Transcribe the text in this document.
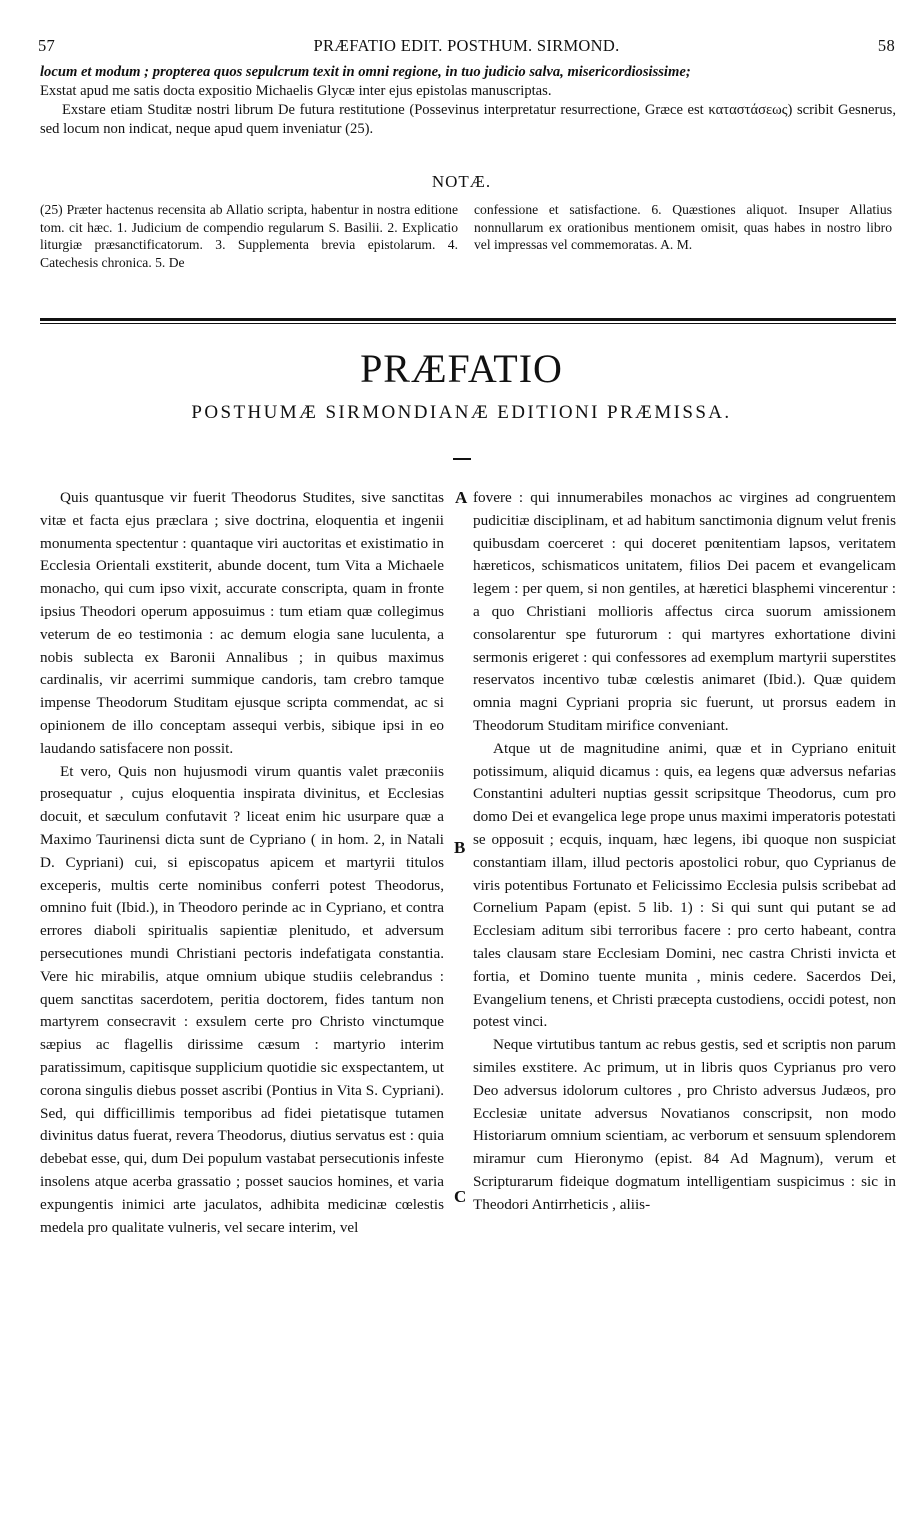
57	PRÆFATIO EDIT. POSTHUM. SIRMOND.	58

locum et modum ; propterea quos sepulcrum texit in omni regione, in tuo judicio salva, misericordiosissime;

Exstat apud me satis docta expositio Michaelis Glycæ inter ejus epistolas manuscriptas.

Exstare etiam Studitæ nostri librum De futura restitutione (Possevinus interpretatur resurrectione, Græce est καταστάσεως) scribit Gesnerus, sed locum non indicat, neque apud quem inveniatur (25).

NOTÆ.

(25) Præter hactenus recensita ab Allatio scripta, habentur in nostra editione tom. cit hæc. 1. Judicium de compendio regularum S. Basilii. 2. Explicatio liturgiæ præsanctificatorum. 3. Supplementa brevia epistolarum. 4. Catechesis chronica. 5. De

confessione et satisfactione. 6. Quæstiones aliquot. Insuper Allatius nonnullarum ex orationibus mentionem omisit, quas habes in nostro libro vel impressas vel commemoratas. A. M.

PRÆFATIO
POSTHUMÆ SIRMONDIANÆ EDITIONI PRÆMISSA.

Quis quantusque vir fuerit Theodorus Studites, sive sanctitas vitæ et facta ejus præclara ; sive doctrina, eloquentia et ingenii monumenta spectentur : quantaque viri auctoritas et existimatio in Ecclesia Orientali exstiterit, abunde docent, tum Vita a Michaele monacho, qui cum ipso vixit, accurate conscripta, quam in fronte ipsius Theodori operum apposuimus : tum etiam quæ collegimus veterum de eo testimonia : ac demum elogia sane luculenta, a nobis sublecta ex Baronii Annalibus ; in quibus maximus cardinalis, vir acerrimi summique candoris, tam crebro tamque impense Theodorum Studitam ejusque scripta commendat, ac si opinionem de illo conceptam assequi verbis, sibique ipsi in eo laudando satisfacere non possit.

Et vero, Quis non hujusmodi virum quantis valet præconiis prosequatur , cujus eloquentia inspirata divinitus, et Ecclesias docuit, et sæculum confutavit ? liceat enim hic usurpare quæ a Maximo Taurinensi dicta sunt de Cypriano ( in hom. 2, in Natali D. Cypriani) cui, si episcopatus apicem et martyrii titulos exceperis, multis certe nominibus conferri potest Theodorus, omnino fuit (Ibid.), in Theodoro perinde ac in Cypriano, et contra errores diaboli spiritualis sapientiæ plenitudo, et adversum persecutiones mundi Christiani pectoris indefatigata constantia. Vere hic mirabilis, atque omnium ubique studiis celebrandus : quem sanctitas sacerdotem, peritia doctorem, fides tantum non martyrem consecravit : exsulem certe pro Christo vinctumque sæpius ac flagellis dirissime cæsum : martyrio interim paratissimum, capitisque supplicium quotidie sic exspectantem, ut corona singulis diebus posset ascribi (Pontius in Vita S. Cypriani). Sed, qui difficillimis temporibus ad fidei pietatisque tutamen divinitus datus fuerat, revera Theodorus, diutius servatus est : quia debebat esse, qui, dum Dei populum vastabat persecutionis infeste insolens atque acerba grassatio ; posset saucios homines, et varia expungentis inimici arte jaculatos, adhibita medicinæ cœlestis medela pro qualitate vulneris, vel secare interim, vel

fovere : qui innumerabiles monachos ac virgines ad congruentem pudicitiæ disciplinam, et ad habitum sanctimonia dignum velut frenis quibusdam coerceret : qui doceret pœnitentiam lapsos, veritatem hæreticos, schismaticos unitatem, filios Dei pacem et evangelicam legem : per quem, si non gentiles, at hæretici blasphemi vincerentur : a quo Christiani mollioris affectus circa suorum amissionem consolarentur spe futurorum : qui martyres exhortatione divini sermonis erigeret : qui confessores ad exemplum martyrii superstites reservatos incentivo tubæ cœlestis animaret (Ibid.). Quæ quidem omnia magni Cypriani propria sic fuerunt, ut prorsus eadem in Theodorum Studitam mirifice conveniant.

Atque ut de magnitudine animi, quæ et in Cypriano enituit potissimum, aliquid dicamus : quis, ea legens quæ adversus nefarias Constantini adulteri nuptias gessit scripsitque Theodorus, cum pro domo Dei et evangelica lege prope unus maximi imperatoris potestati se opposuit ; ecquis, inquam, hæc legens, ibi quoque non suspiciat constantiam illam, illud pectoris apostolici robur, quo Cyprianus de viris potentibus Fortunato et Felicissimo Ecclesia pulsis scribebat ad Cornelium Papam (epist. 5 lib. 1) : Si qui sunt qui putant se ad Ecclesiam aditum sibi terroribus facere : pro certo habeant, contra tales clausam stare Ecclesiam Domini, nec castra Christi invicta et fortia, et Domino tuente munita , minis cedere. Sacerdos Dei, Evangelium tenens, et Christi præcepta custodiens, occidi potest, non potest vinci.

Neque virtutibus tantum ac rebus gestis, sed et scriptis non parum similes exstitere. Ac primum, ut in libris quos Cyprianus pro vero Deo adversus idolorum cultores , pro Christo adversus Judæos, pro Ecclesiæ unitate adversus Novatianos conscripsit, non modo Historiarum omnium scientiam, ac verborum et sensuum splendorem miramur cum Hieronymo (epist. 84 Ad Magnum), verum et Scripturarum fideique dogmatum intelligentiam suspicimus : sic in Theodori Antirrheticis , aliis-

A
B
C
